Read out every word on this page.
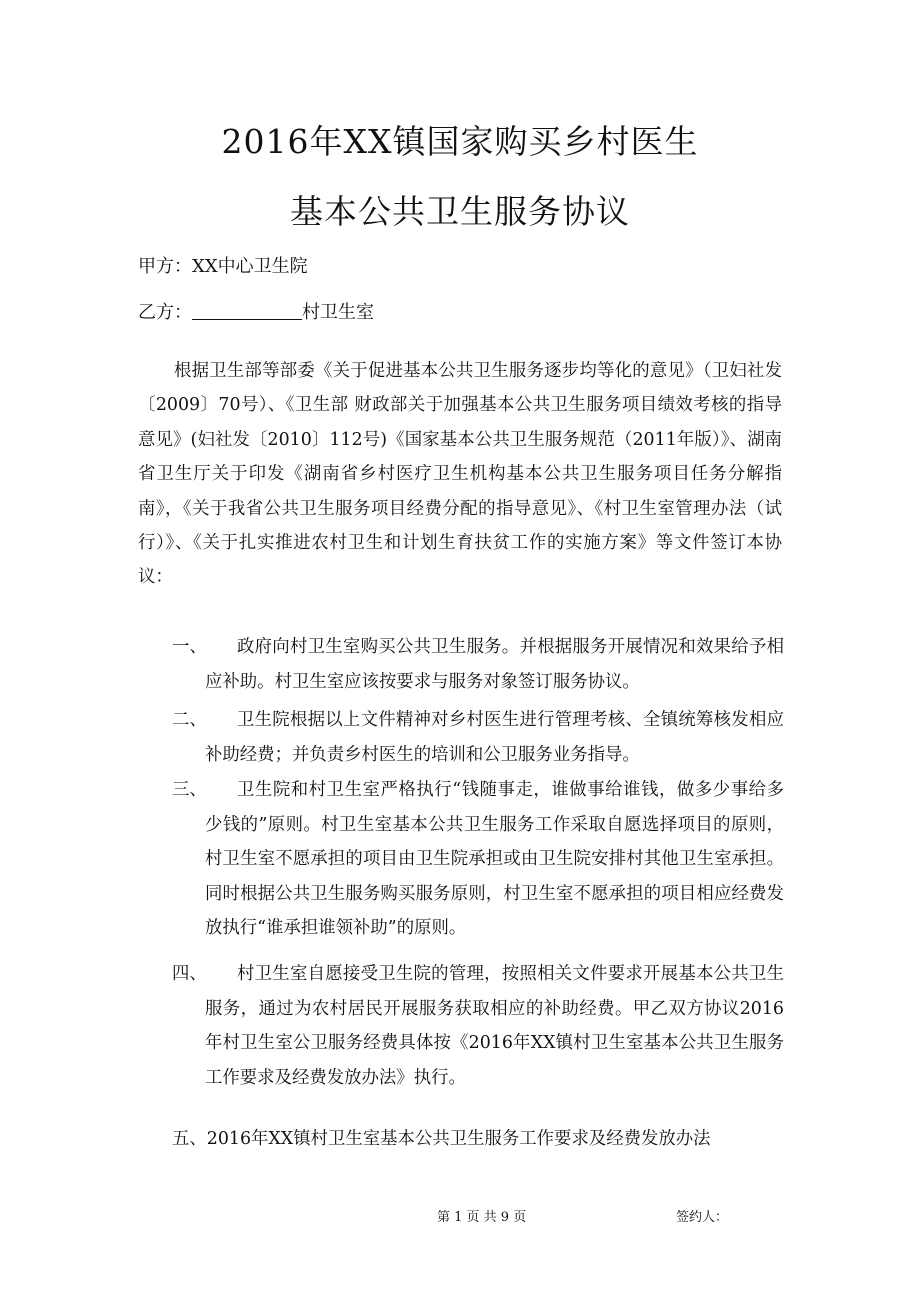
2016年XX镇国家购买乡村医生
基本公共卫生服务协议
甲方：XX中心卫生院
乙方：	村卫生室
根据卫生部等部委《关于促进基本公共卫生服务逐步均等化的意见》（卫妇社发〔2009〕70号）、《卫生部 财政部关于加强基本公共卫生服务项目绩效考核的指导意见》(妇社发〔2010〕112号)《国家基本公共卫生服务规范（2011年版）》、湖南省卫生厅关于印发《湖南省乡村医疗卫生机构基本公共卫生服务项目任务分解指南》，《关于我省公共卫生服务项目经费分配的指导意见》、《村卫生室管理办法（试行）》、《关于扎实推进农村卫生和计划生育扶贫工作的实施方案》等文件签订本协议：
一、	政府向村卫生室购买公共卫生服务。并根据服务开展情况和效果给予相应补助。村卫生室应该按要求与服务对象签订服务协议。
二、	卫生院根据以上文件精神对乡村医生进行管理考核、全镇统筹核发相应补助经费；并负责乡村医生的培训和公卫服务业务指导。
三、	卫生院和村卫生室严格执行“钱随事走，谁做事给谁钱，做多少事给多少钱的”原则。村卫生室基本公共卫生服务工作采取自愿选择项目的原则，村卫生室不愿承担的项目由卫生院承担或由卫生院安排村其他卫生室承担。同时根据公共卫生服务购买服务原则，村卫生室不愿承担的项目相应经费发放执行“谁承担谁领补助”的原则。
四、	村卫生室自愿接受卫生院的管理，按照相关文件要求开展基本公共卫生服务，通过为农村居民开展服务获取相应的补助经费。甲乙双方协议2016年村卫生室公卫服务经费具体按《2016年XX镇村卫生室基本公共卫生服务工作要求及经费发放办法》执行。
五、2016年XX镇村卫生室基本公共卫生服务工作要求及经费发放办法
第 1 页 共 9 页	签约人：
